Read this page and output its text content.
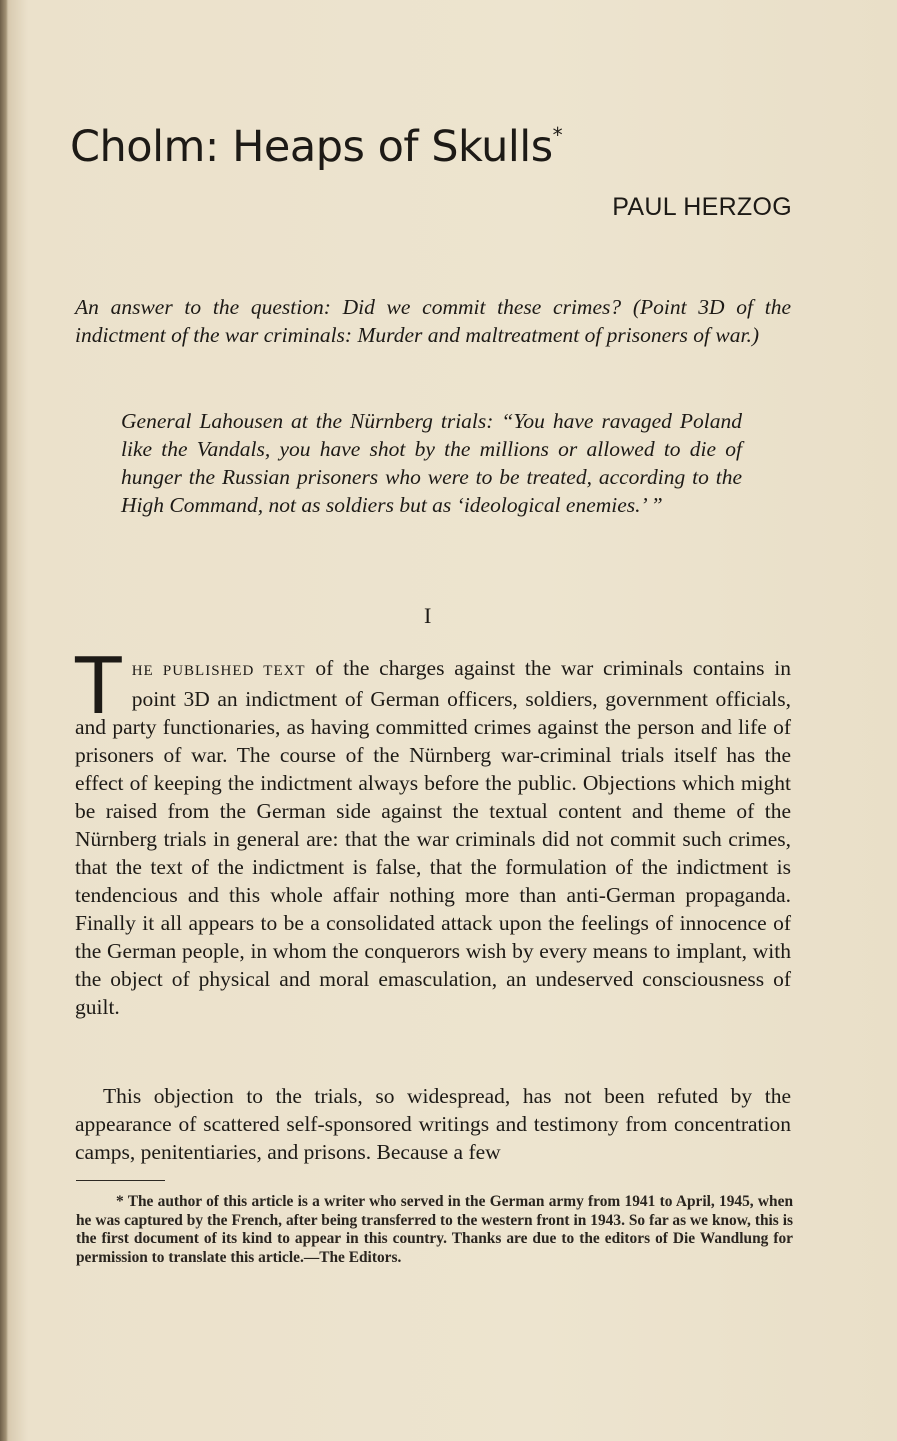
Cholm: Heaps of Skulls*
PAUL HERZOG

An answer to the question: Did we commit these crimes? (Point 3D of the indictment of the war criminals: Murder and maltreatment of prisoners of war.)

General Lahousen at the Nürnberg trials: “You have ravaged Poland like the Vandals, you have shot by the millions or allowed to die of hunger the Russian prisoners who were to be treated, according to the High Command, not as soldiers but as ‘ideological enemies.’ ”

I

THE PUBLISHED TEXT of the charges against the war criminals contains in point 3D an indictment of German officers, soldiers, government officials, and party functionaries, as having committed crimes against the person and life of prisoners of war. The course of the Nürnberg war-criminal trials itself has the effect of keeping the indictment always before the public. Objections which might be raised from the German side against the textual content and theme of the Nürnberg trials in general are: that the war criminals did not commit such crimes, that the text of the indictment is false, that the formulation of the indictment is tendencious and this whole affair nothing more than anti-German propaganda. Finally it all appears to be a consolidated attack upon the feelings of innocence of the German people, in whom the conquerors wish by every means to implant, with the object of physical and moral emasculation, an undeserved consciousness of guilt.

This objection to the trials, so widespread, has not been refuted by the appearance of scattered self-sponsored writings and testimony from concentration camps, penitentiaries, and prisons. Because a few

* The author of this article is a writer who served in the German army from 1941 to April, 1945, when he was captured by the French, after being transferred to the western front in 1943. So far as we know, this is the first document of its kind to appear in this country. Thanks are due to the editors of Die Wandlung for permission to translate this article.—The Editors.
